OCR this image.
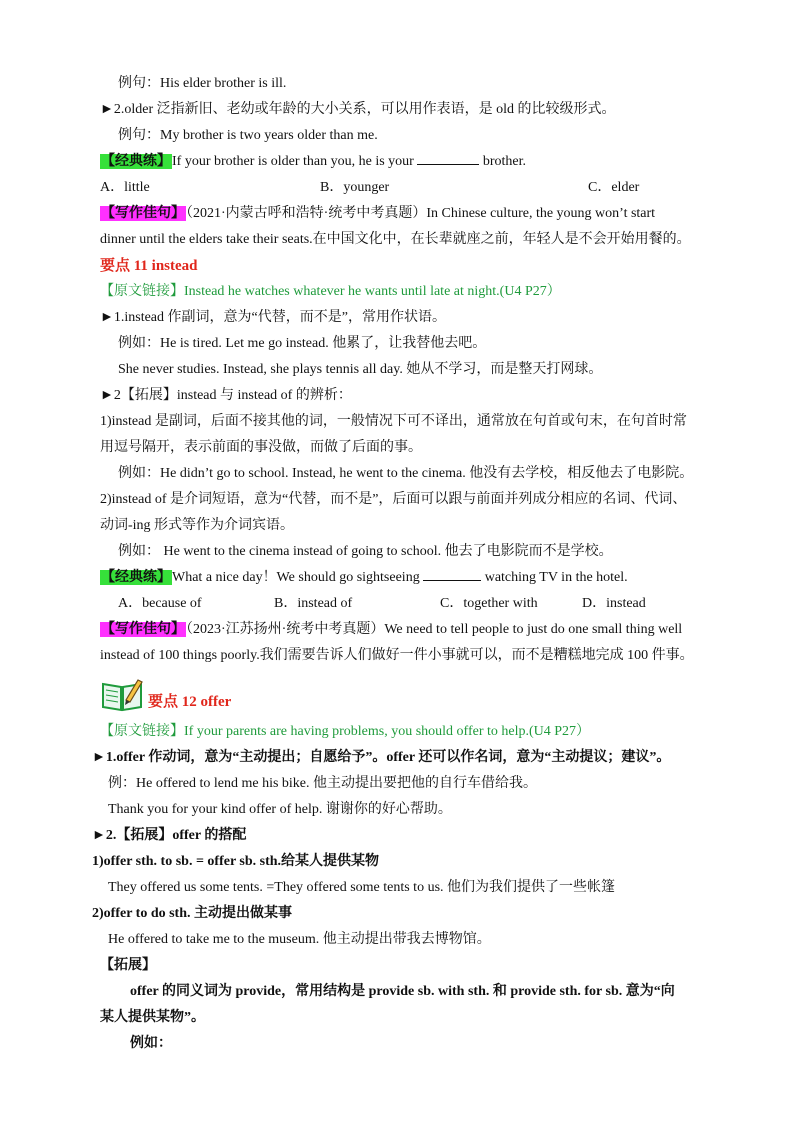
例句：His elder brother is ill.
►2.older 泛指新旧、老幼或年龄的大小关系，可以用作表语，是 old 的比较级形式。
例句：My brother is two years older than me.
【经典练】If your brother is older than you, he is your	brother.
A．little	B．younger	C．elder
【写作佳句】（2021·内蒙古呼和浩特·统考中考真题）In Chinese culture, the young won’t start
dinner until the elders take their seats.在中国文化中，在长辈就座之前，年轻人是不会开始用餐的。
要点 11 instead
【原文链接】Instead he watches whatever he wants until late at night.(U4 P27）
►1.instead 作副词，意为“代替，而不是”，常用作状语。
例如：He is tired. Let me go instead. 他累了，让我替他去吧。
She never studies. Instead, she plays tennis all day. 她从不学习，而是整天打网球。
►2【拓展】instead 与 instead of 的辨析：
1)instead 是副词，后面不接其他的词，一般情况下可不译出，通常放在句首或句末，在句首时常
用逗号隔开，表示前面的事没做，而做了后面的事。
例如：He didn’t go to school. Instead, he went to the cinema. 他没有去学校，相反他去了电影院。
2)instead of 是介词短语，意为“代替，而不是”，后面可以跟与前面并列成分相应的名词、代词、
动词-ing 形式等作为介词宾语。
例如： He went to the cinema instead of going to school. 他去了电影院而不是学校。
【经典练】What a nice day！We should go sightseeing	watching TV in the hotel.
A．because of	B．instead of	C．together with	D．instead
【写作佳句】（2023·江苏扬州·统考中考真题）We need to tell people to just do one small thing well
instead of 100 things poorly.我们需要告诉人们做好一件小事就可以，而不是糟糕地完成 100 件事。
要点 12 offer
【原文链接】If your parents are having problems, you should offer to help.(U4 P27）
►1.offer 作动词，意为“主动提出；自愿给予”。offer 还可以作名词，意为“主动提议；建议”。
例：He offered to lend me his bike. 他主动提出要把他的自行车借给我。
Thank you for your kind offer of help. 谢谢你的好心帮助。
►2.【拓展】offer 的搭配
1)offer sth. to sb. = offer sb. sth.给某人提供某物
They offered us some tents. =They offered some tents to us. 他们为我们提供了一些帐篷
2)offer to do sth. 主动提出做某事
He offered to take me to the museum. 他主动提出带我去博物馆。
【拓展】
offer 的同义词为 provide，常用结构是 provide sb. with sth. 和 provide sth. for sb. 意为“向
某人提供某物”。
例如：
